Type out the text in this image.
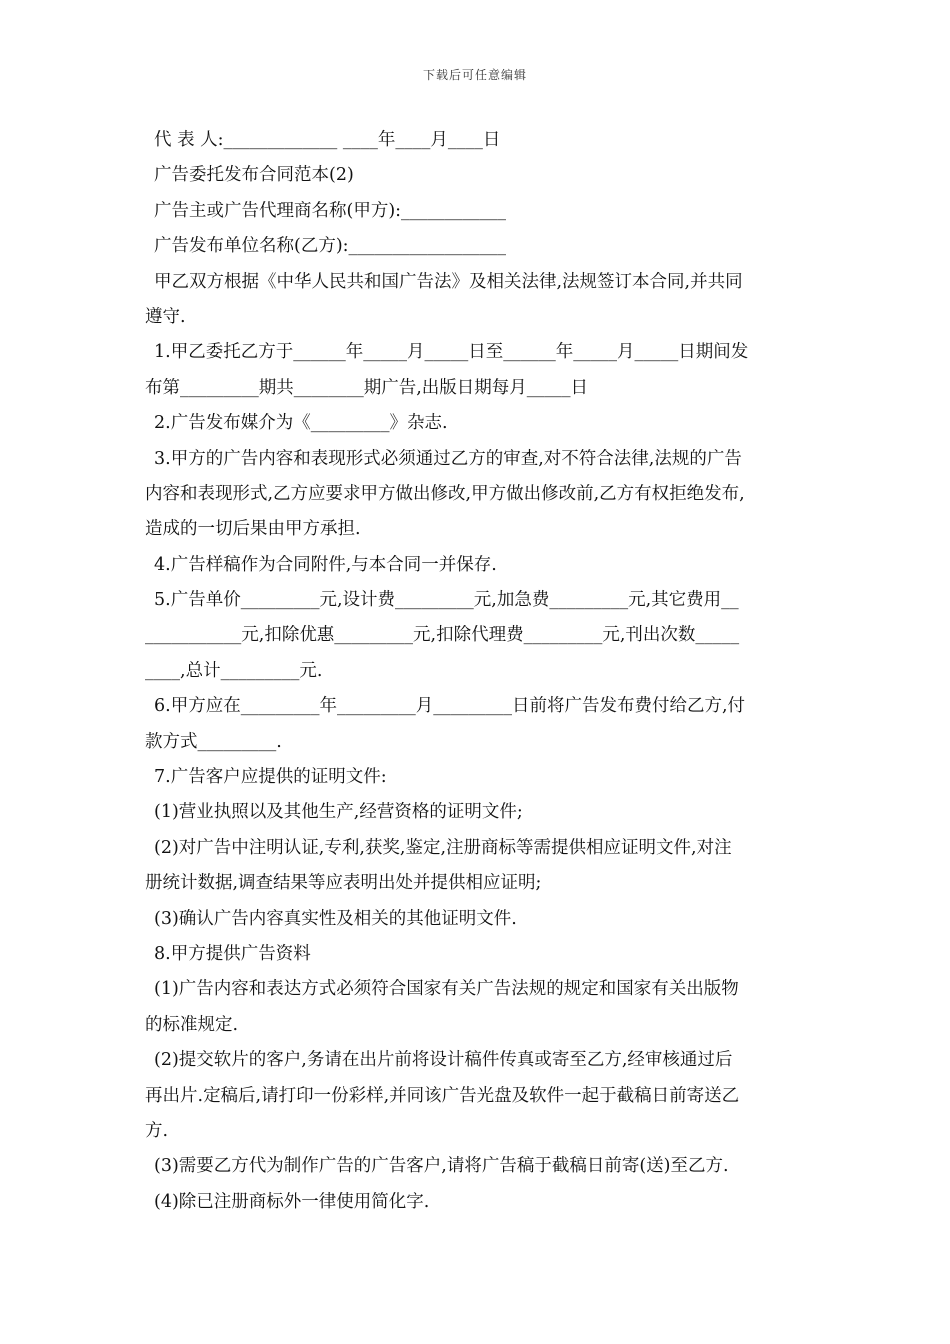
下载后可任意编辑
代 表 人:_____________ ____年____月____日
广告委托发布合同范本(2)
广告主或广告代理商名称(甲方):____________
广告发布单位名称(乙方):__________________
甲乙双方根据《中华人民共和国广告法》及相关法律,法规签订本合同,并共同
遵守.
1.甲乙委托乙方于______年_____月_____日至______年_____月_____日期间发
布第_________期共________期广告,出版日期每月_____日
2.广告发布媒介为《_________》杂志.
3.甲方的广告内容和表现形式必须通过乙方的审查,对不符合法律,法规的广告
内容和表现形式,乙方应要求甲方做出修改,甲方做出修改前,乙方有权拒绝发布,
造成的一切后果由甲方承担.
4.广告样稿作为合同附件,与本合同一并保存.
5.广告单价_________元,设计费_________元,加急费_________元,其它费用__
___________元,扣除优惠_________元,扣除代理费_________元,刊出次数_____
____,总计_________元.
6.甲方应在_________年_________月_________日前将广告发布费付给乙方,付
款方式_________.
7.广告客户应提供的证明文件:
(1)营业执照以及其他生产,经营资格的证明文件;
(2)对广告中注明认证,专利,获奖,鉴定,注册商标等需提供相应证明文件,对注
册统计数据,调查结果等应表明出处并提供相应证明;
(3)确认广告内容真实性及相关的其他证明文件.
8.甲方提供广告资料
(1)广告内容和表达方式必须符合国家有关广告法规的规定和国家有关出版物
的标准规定.
(2)提交软片的客户,务请在出片前将设计稿件传真或寄至乙方,经审核通过后
再出片.定稿后,请打印一份彩样,并同该广告光盘及软件一起于截稿日前寄送乙
方.
(3)需要乙方代为制作广告的广告客户,请将广告稿于截稿日前寄(送)至乙方.
(4)除已注册商标外一律使用简化字.
